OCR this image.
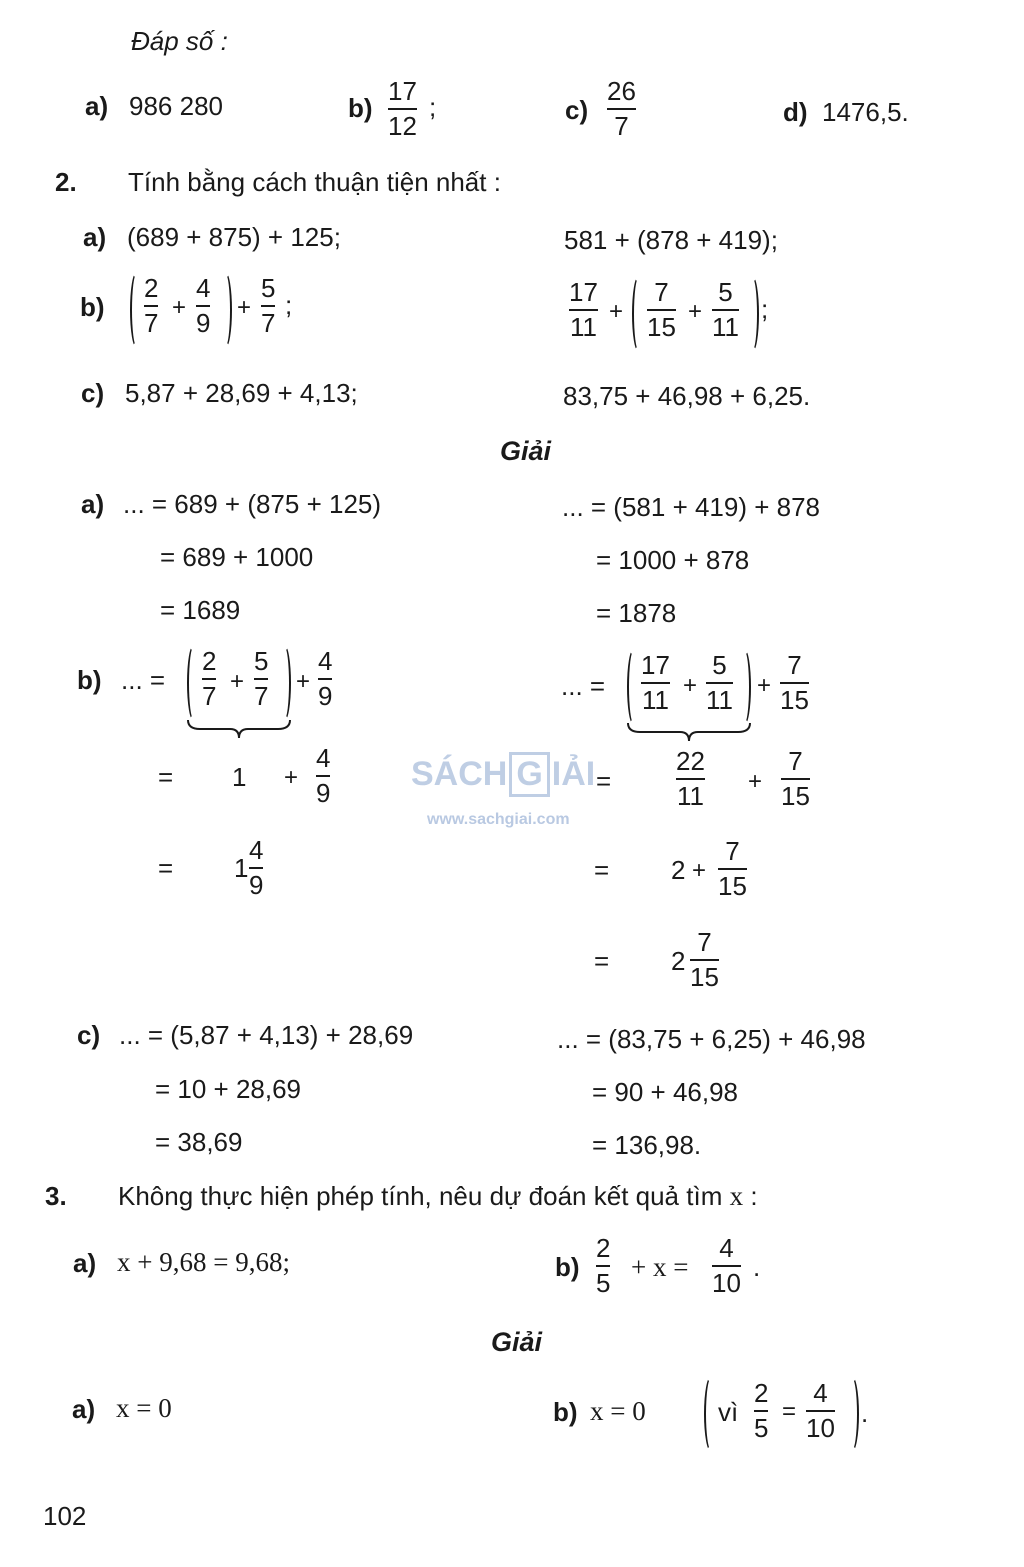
Đáp số :
a) 986 280	b)
17
12
;	c)
26
7	d) 1476,5.
2. Tính bằng cách thuận tiện nhất :
a) (689 + 875) + 125;	581 + (878 + 419);
b)
2
7
+
4
9
+
5
7
;	17
11
+
7
15
+
5
11
;
c) 5,87 + 28,69 + 4,13;	83,75 + 46,98 + 6,25.
Giải
a) ... = 689 + (875 + 125)
= 689 + 1000
= 1689
... = (581 + 419) + 878
= 1000 + 878
= 1878
b) ... =
2
7 +
5
7 +
4
9
= 1 +
4
9
= 1
4
9
... =
17
11 +
5
11 +
7
15
=
22
11 +
7
15
= 2 +
7
15
= 2
7
15
c) ... = (5,87 + 4,13) + 28,69
= 10 + 28,69
= 38,69
... = (83,75 + 6,25) + 46,98
= 90 + 46,98
= 136,98.
3. Không thực hiện phép tính, nêu dự đoán kết quả tìm x :
a) x + 9,68 = 9,68;	b)
2
5
+ x =
4
10
.
Giải
a) x = 0	b) x = 0	vì
2
5
=
4
10 .
SÁCH G IẢI
www.sachgiai.com
102
